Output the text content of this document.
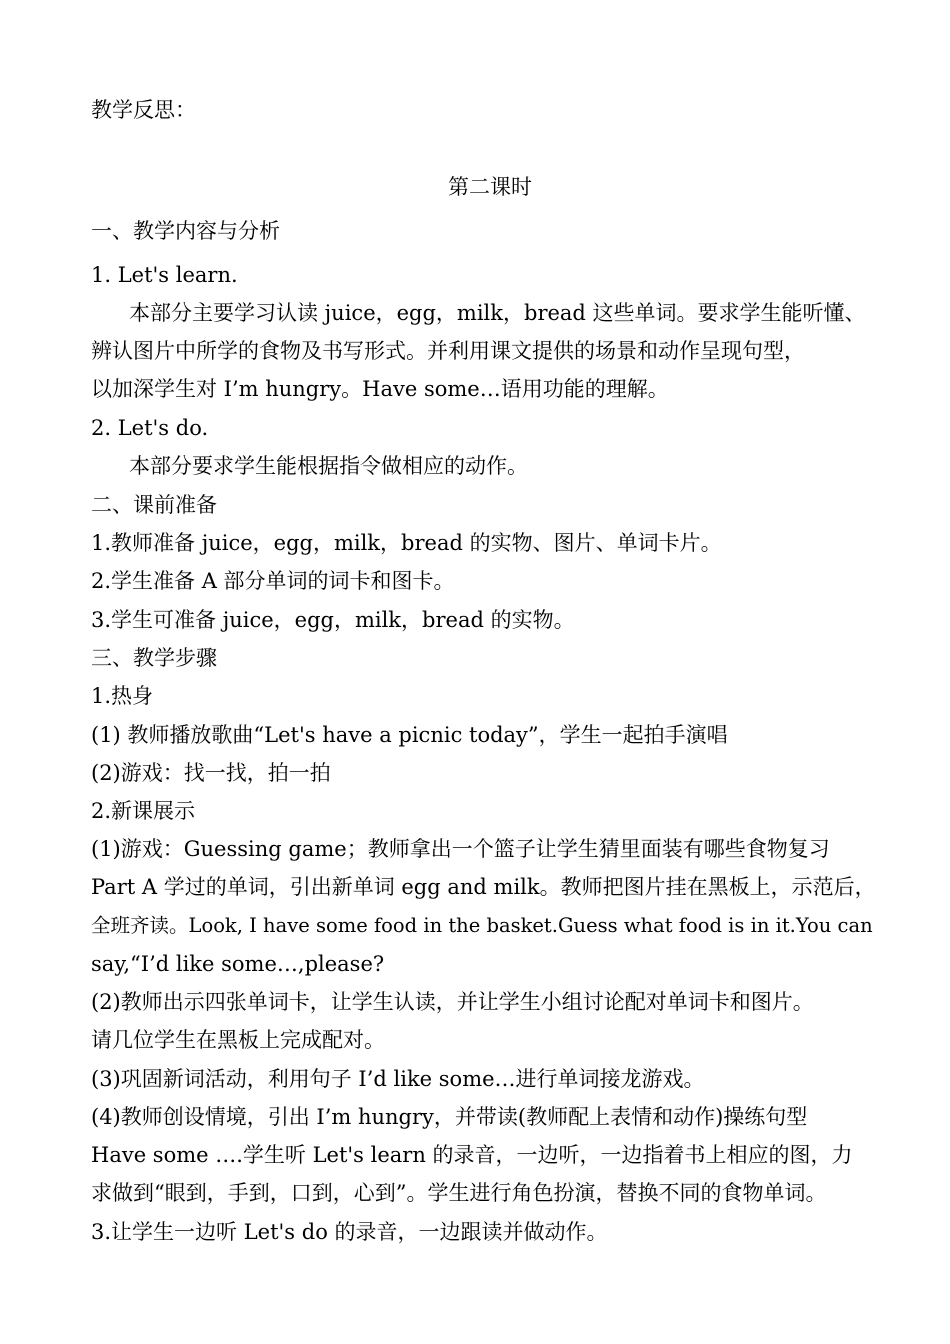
教学反思：
第二课时
一、教学内容与分析
1. Let's learn.
本部分主要学习认读 juice，egg，milk，bread 这些单词。要求学生能听懂、
辨认图片中所学的食物及书写形式。并利用课文提供的场景和动作呈现句型，
以加深学生对 I’m hungry。Have some…语用功能的理解。
2. Let's do.
本部分要求学生能根据指令做相应的动作。
二、课前准备
1.教师准备 juice，egg，milk，bread 的实物、图片、单词卡片。
2.学生准备 A 部分单词的词卡和图卡。
3.学生可准备 juice，egg，milk，bread 的实物。
三、教学步骤
1.热身
(1) 教师播放歌曲“Let's have a picnic today”，学生一起拍手演唱
(2)游戏：找一找，拍一拍
2.新课展示
(1)游戏：Guessing game；教师拿出一个篮子让学生猜里面装有哪些食物复习
Part A 学过的单词，引出新单词 egg and milk。教师把图片挂在黑板上，示范后，
全班齐读。Look, I have some food in the basket.Guess what food is in it.You can
say,“I’d like some…,please?
(2)教师出示四张单词卡，让学生认读，并让学生小组讨论配对单词卡和图片。
请几位学生在黑板上完成配对。
(3)巩固新词活动，利用句子 I’d like some…进行单词接龙游戏。
(4)教师创设情境，引出 I’m hungry，并带读(教师配上表情和动作)操练句型
Have some ….学生听 Let's learn 的录音，一边听，一边指着书上相应的图，力
求做到“眼到，手到，口到，心到”。学生进行角色扮演，替换不同的食物单词。
3.让学生一边听 Let's do 的录音，一边跟读并做动作。
